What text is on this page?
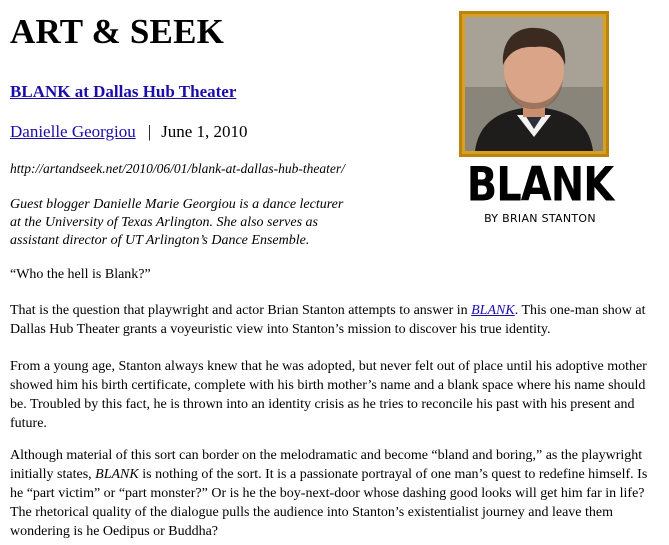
ART & SEEK
BLANK at Dallas Hub Theater
Danielle Georgiou | June 1, 2010
http://artandseek.net/2010/06/01/blank-at-dallas-hub-theater/
Guest blogger Danielle Marie Georgiou is a dance lecturer
at the University of Texas Arlington. She also serves as
assistant director of UT Arlington’s Dance Ensemble.
“Who the hell is Blank?”
That is the question that playwright and actor Brian Stanton attempts to answer in BLANK. This one-man show at
Dallas Hub Theater grants a voyeuristic view into Stanton’s mission to discover his true identity.
From a young age, Stanton always knew that he was adopted, but never felt out of place until his adoptive mother
showed him his birth certificate, complete with his birth mother’s name and a blank space where his name should
be. Troubled by this fact, he is thrown into an identity crisis as he tries to reconcile his past with his present and
future.
Although material of this sort can border on the melodramatic and become “bland and boring,” as the playwright
initially states, BLANK is nothing of the sort. It is a passionate portrayal of one man’s quest to redefine himself. Is
he “part victim” or “part monster?” Or is he the boy-next-door whose dashing good looks will get him far in life?
The rhetorical quality of the dialogue pulls the audience into Stanton’s existentialist journey and leave them
wondering is he Oedipus or Buddha?
BLANK
BY BRIAN STANTON
